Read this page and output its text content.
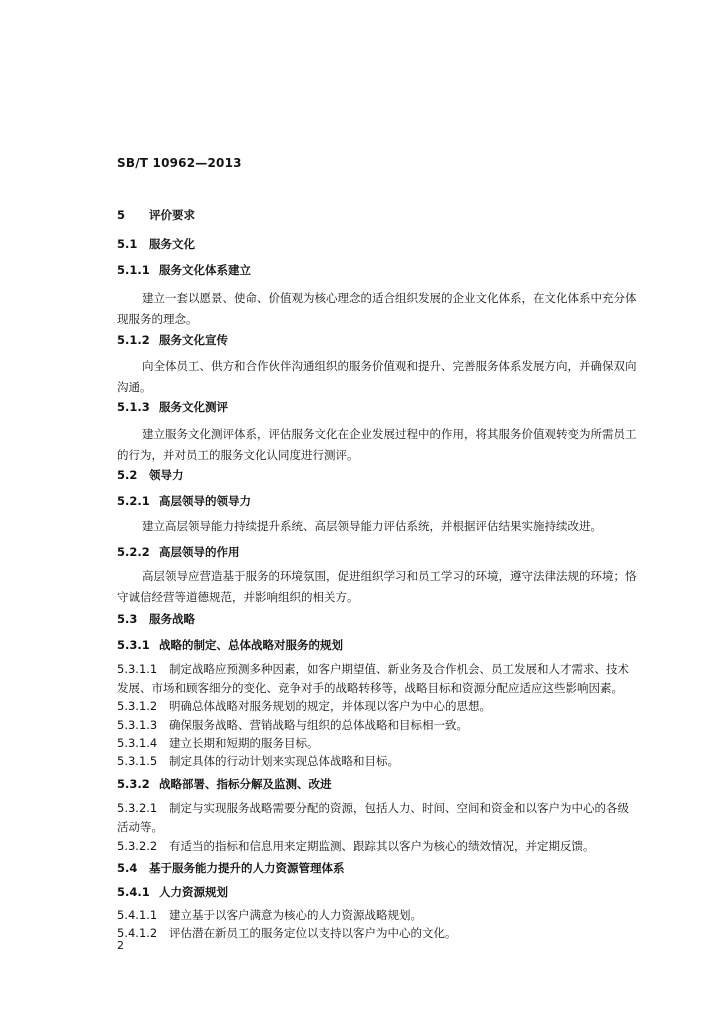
SB/T 10962—2013
5 评价要求
5.1 服务文化
5.1.1 服务文化体系建立
建立一套以愿景、使命、价值观为核心理念的适合组织发展的企业文化体系，在文化体系中充分体现服务的理念。
5.1.2 服务文化宣传
向全体员工、供方和合作伙伴沟通组织的服务价值观和提升、完善服务体系发展方向，并确保双向沟通。
5.1.3 服务文化测评
建立服务文化测评体系，评估服务文化在企业发展过程中的作用，将其服务价值观转变为所需员工的行为，并对员工的服务文化认同度进行测评。
5.2 领导力
5.2.1 高层领导的领导力
建立高层领导能力持续提升系统、高层领导能力评估系统，并根据评估结果实施持续改进。
5.2.2 高层领导的作用
高层领导应营造基于服务的环境氛围，促进组织学习和员工学习的环境，遵守法律法规的环境；恪守诚信经营等道德规范，并影响组织的相关方。
5.3 服务战略
5.3.1 战略的制定、总体战略对服务的规划
5.3.1.1 制定战略应预测多种因素，如客户期望值、新业务及合作机会、员工发展和人才需求、技术发展、市场和顾客细分的变化、竞争对手的战略转移等，战略目标和资源分配应适应这些影响因素。
5.3.1.2 明确总体战略对服务规划的规定，并体现以客户为中心的思想。
5.3.1.3 确保服务战略、营销战略与组织的总体战略和目标相一致。
5.3.1.4 建立长期和短期的服务目标。
5.3.1.5 制定具体的行动计划来实现总体战略和目标。
5.3.2 战略部署、指标分解及监测、改进
5.3.2.1 制定与实现服务战略需要分配的资源，包括人力、时间、空间和资金和以客户为中心的各级活动等。
5.3.2.2 有适当的指标和信息用来定期监测、跟踪其以客户为核心的绩效情况，并定期反馈。
5.4 基于服务能力提升的人力资源管理体系
5.4.1 人力资源规划
5.4.1.1 建立基于以客户满意为核心的人力资源战略规划。
5.4.1.2 评估潜在新员工的服务定位以支持以客户为中心的文化。
2
